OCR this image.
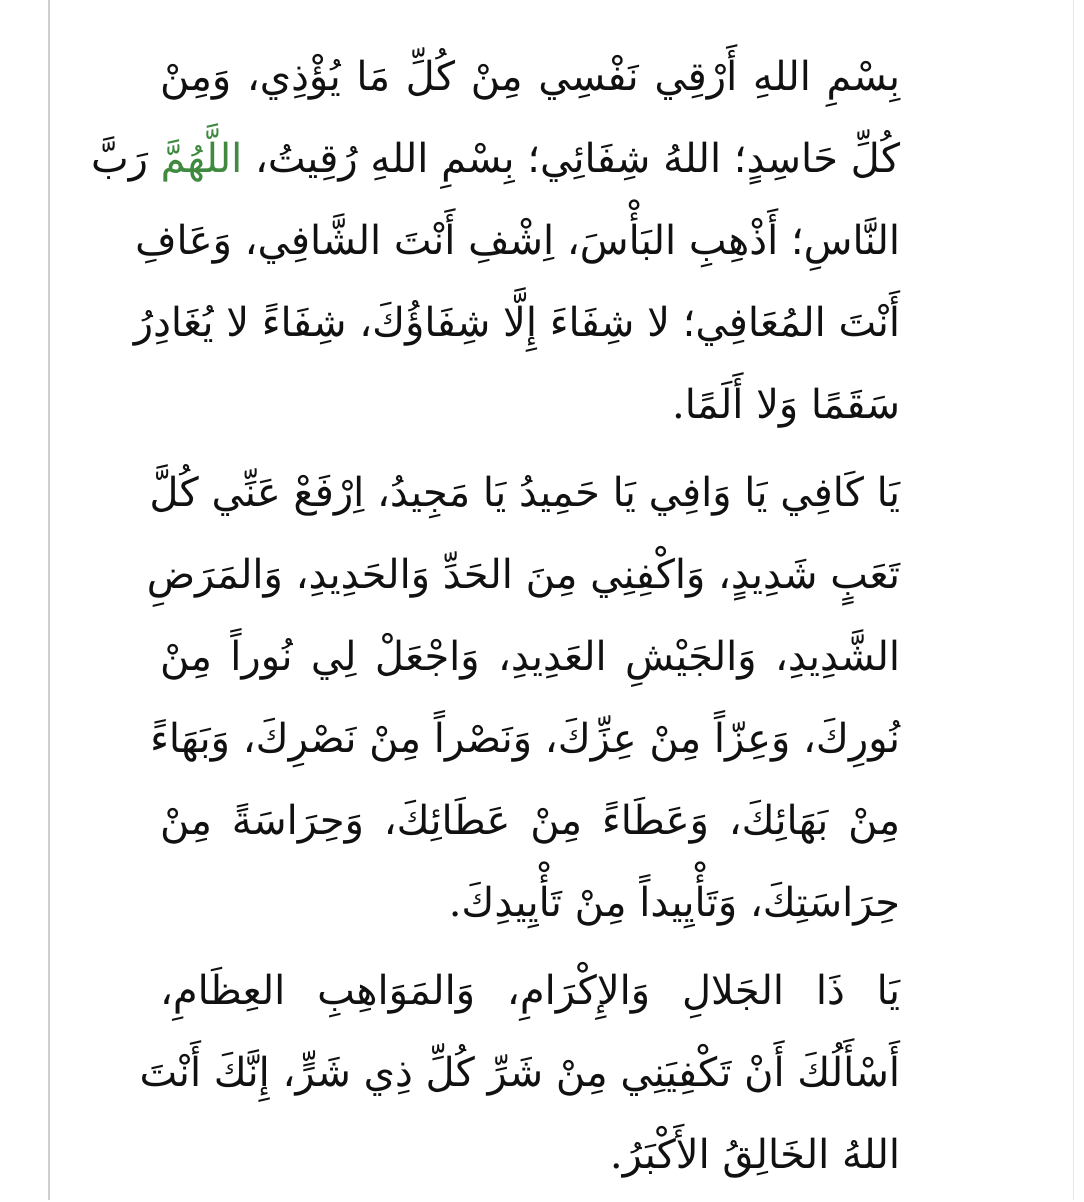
بِسْمِ اللهِ أَرْقِي نَفْسِي مِنْ كُلِّ مَا يُؤْذِي، وَمِنْ
كُلِّ حَاسِدٍ؛ اللهُ شِفَائِي؛ بِسْمِ اللهِ رُقِيتُ، اللَّهُمَّ رَبَّ
النَّاسِ؛ أَذْهِبِ البَأْسَ، اِشْفِ أَنْتَ الشَّافِي، وَعَافِ
أَنْتَ المُعَافِي؛ لا شِفَاءَ إِلَّا شِفَاؤُكَ، شِفَاءً لا يُغَادِرُ
سَقَمًا وَلا أَلَمًا.
يَا كَافِي يَا وَافِي يَا حَمِيدُ يَا مَجِيدُ، اِرْفَعْ عَنِّي كُلَّ
تَعَبٍ شَدِيدٍ، وَاكْفِنِي مِنَ الحَدِّ وَالحَدِيدِ، وَالمَرَضِ
الشَّدِيدِ، وَالجَيْشِ العَدِيدِ، وَاجْعَلْ لِي نُوراً مِنْ
نُورِكَ، وَعِزّاً مِنْ عِزِّكَ، وَنَصْراً مِنْ نَصْرِكَ، وَبَهَاءً
مِنْ بَهَائِكَ، وَعَطَاءً مِنْ عَطَائِكَ، وَحِرَاسَةً مِنْ
حِرَاسَتِكَ، وَتَأْيِيداً مِنْ تَأْيِيدِكَ.
يَا ذَا الجَلالِ وَالإِكْرَامِ، وَالمَوَاهِبِ العِظَامِ،
أَسْأَلُكَ أَنْ تَكْفِيَنِي مِنْ شَرِّ كُلِّ ذِي شَرٍّ، إِنَّكَ أَنْتَ
اللهُ الخَالِقُ الأَكْبَرُ.
